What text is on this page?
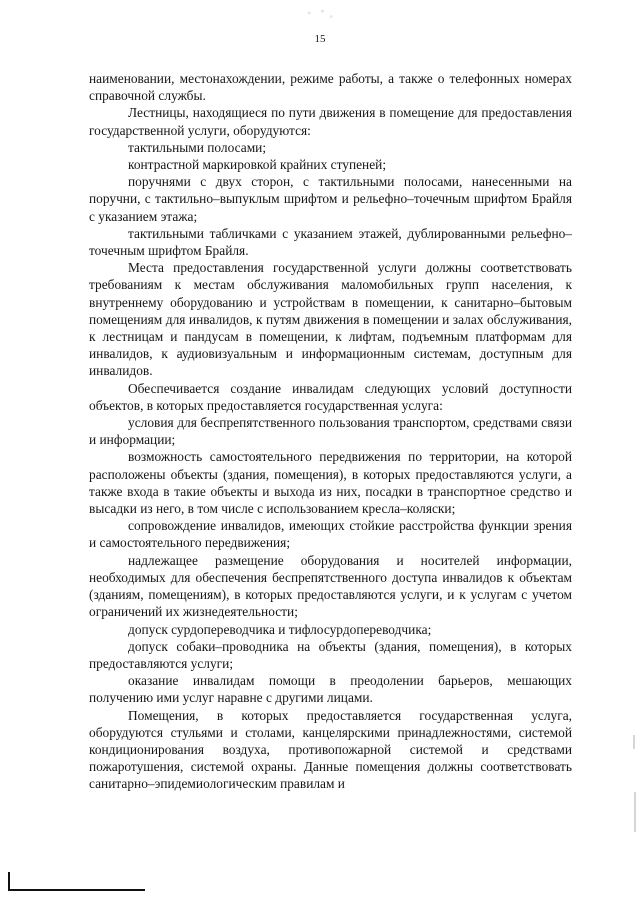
15

наименовании, местонахождении, режиме работы, а также о телефонных номерах справочной службы.

Лестницы, находящиеся по пути движения в помещение для предоставления государственной услуги, оборудуются:

тактильными полосами;

контрастной маркировкой крайних ступеней;

поручнями с двух сторон, с тактильными полосами, нанесенными на поручни, с тактильно–выпуклым шрифтом и рельефно–точечным шрифтом Брайля с указанием этажа;

тактильными табличками с указанием этажей, дублированными рельефно–точечным шрифтом Брайля.

Места предоставления государственной услуги должны соответствовать требованиям к местам обслуживания маломобильных групп населения, к внутреннему оборудованию и устройствам в помещении, к санитарно–бытовым помещениям для инвалидов, к путям движения в помещении и залах обслуживания, к лестницам и пандусам в помещении, к лифтам, подъемным платформам для инвалидов, к аудиовизуальным и информационным системам, доступным для инвалидов.

Обеспечивается создание инвалидам следующих условий доступности объектов, в которых предоставляется государственная услуга:

условия для беспрепятственного пользования транспортом, средствами связи и информации;

возможность самостоятельного передвижения по территории, на которой расположены объекты (здания, помещения), в которых предоставляются услуги, а также входа в такие объекты и выхода из них, посадки в транспортное средство и высадки из него, в том числе с использованием кресла–коляски;

сопровождение инвалидов, имеющих стойкие расстройства функции зрения и самостоятельного передвижения;

надлежащее размещение оборудования и носителей информации, необходимых для обеспечения беспрепятственного доступа инвалидов к объектам (зданиям, помещениям), в которых предоставляются услуги, и к услугам с учетом ограничений их жизнедеятельности;

допуск сурдопереводчика и тифлосурдопереводчика;

допуск собаки–проводника на объекты (здания, помещения), в которых предоставляются услуги;

оказание инвалидам помощи в преодолении барьеров, мешающих получению ими услуг наравне с другими лицами.

Помещения, в которых предоставляется государственная услуга, оборудуются стульями и столами, канцелярскими принадлежностями, системой кондиционирования воздуха, противопожарной системой и средствами пожаротушения, системой охраны. Данные помещения должны соответствовать санитарно–эпидемиологическим правилам и
